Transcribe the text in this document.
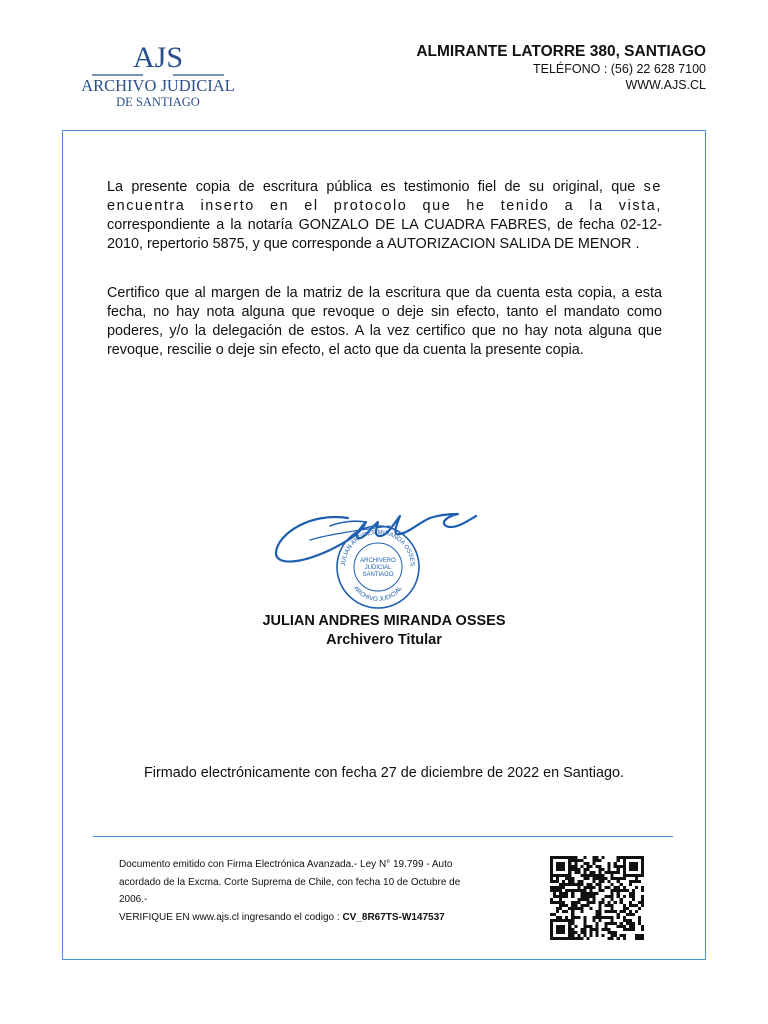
AJS
ARCHIVO JUDICIAL
DE SANTIAGO
ALMIRANTE LATORRE 380, SANTIAGO
TELÉFONO : (56) 22 628 7100
WWW.AJS.CL

La presente copia de escritura pública es testimonio fiel de su original, que se encuentra inserto en el protocolo que he tenido a la vista, correspondiente a la notaría GONZALO DE LA CUADRA FABRES, de fecha 02-12-2010, repertorio 5875, y que corresponde a AUTORIZACION SALIDA DE MENOR .

Certifico que al margen de la matriz de la escritura que da cuenta esta copia, a esta fecha, no hay nota alguna que revoque o deje sin efecto, tanto el mandato como poderes, y/o la delegación de estos. A la vez certifico que no hay nota alguna que revoque, rescilie o deje sin efecto, el acto que da cuenta la presente copia.

JULIAN ANDRES MIRANDA OSSES
ARCHIVO JUDICIAL
ARCHIVERO
JUDICIAL
SANTIAGO
JULIAN ANDRES MIRANDA OSSES
Archivero Titular
Firmado electrónicamente con fecha 27 de diciembre de 2022 en Santiago.
Documento emitido con Firma Electrónica Avanzada.- Ley N° 19.799 - Auto
acordado de la Excma. Corte Suprema de Chile, con fecha 10 de Octubre de
2006.-
VERIFIQUE EN www.ajs.cl ingresando el codigo : CV_8R67TS-W147537
